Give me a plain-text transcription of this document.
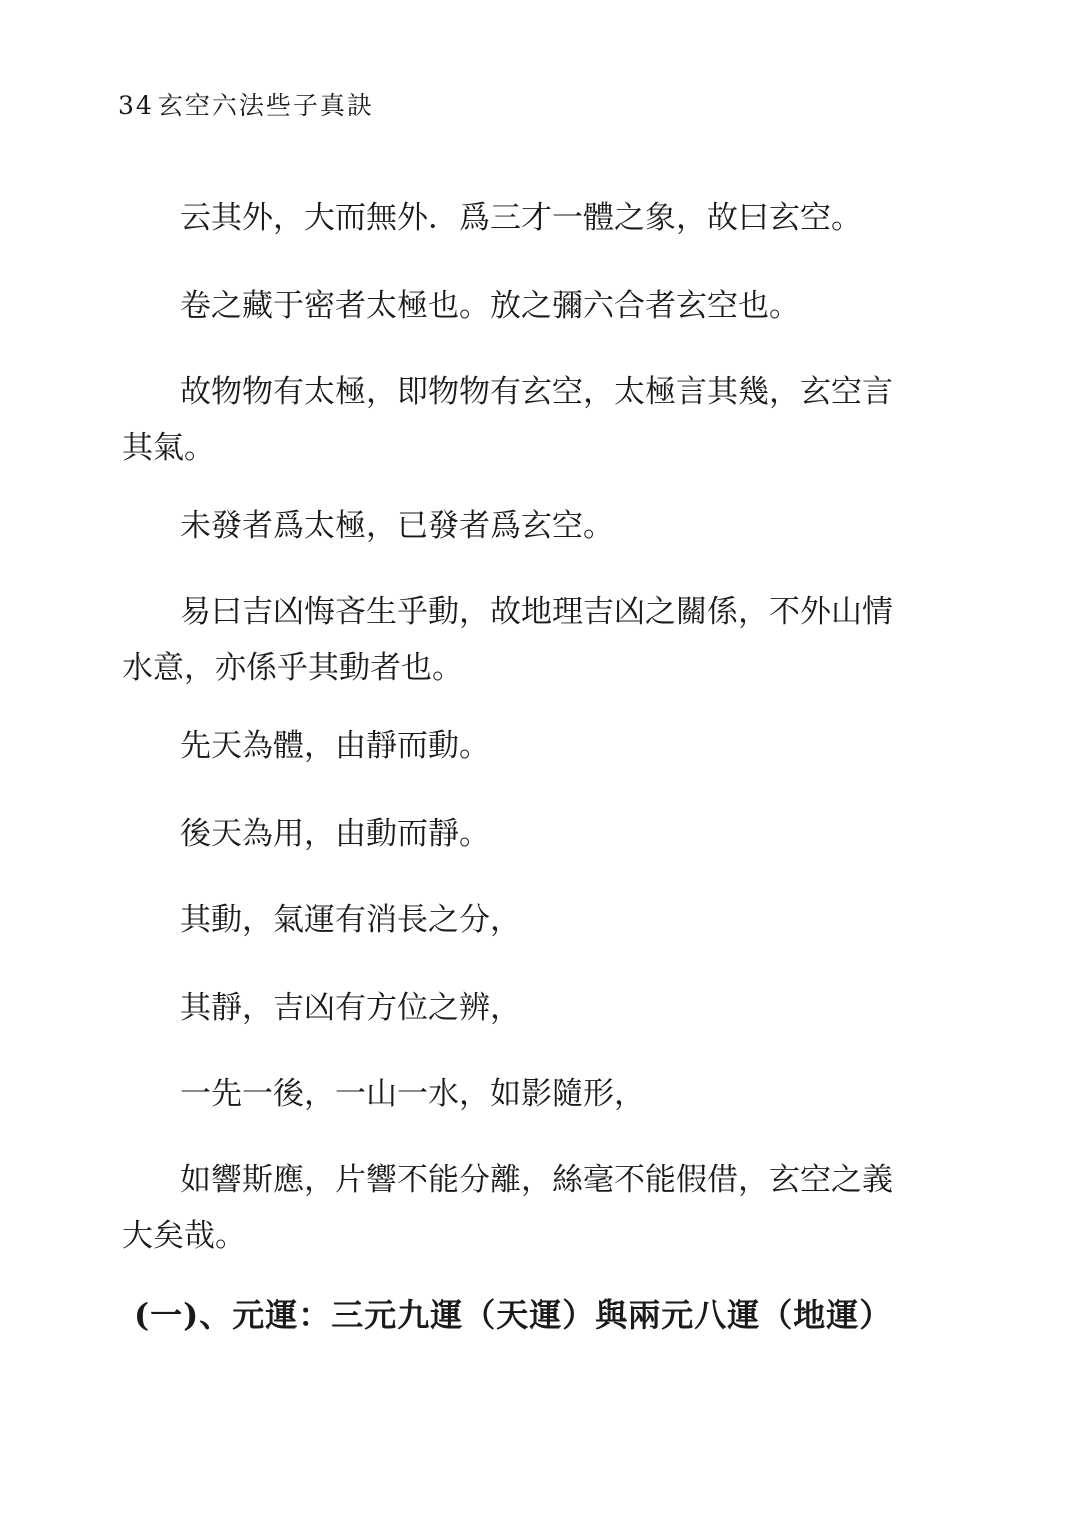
34 玄空六法些子真訣

云其外，大而無外．爲三才一體之象，故曰玄空。

卷之藏于密者太極也。放之彌六合者玄空也。

故物物有太極，即物物有玄空，太極言其幾，玄空言其氣。

未發者爲太極，已發者爲玄空。

易曰吉凶悔吝生乎動，故地理吉凶之關係，不外山情水意，亦係乎其動者也。

先天為體，由靜而動。

後天為用，由動而靜。

其動，氣運有消長之分，

其靜，吉凶有方位之辨，

一先一後，一山一水，如影隨形，

如響斯應，片響不能分離，絲毫不能假借，玄空之義大矣哉。

(一)、元運：三元九運（天運）與兩元八運（地運）
